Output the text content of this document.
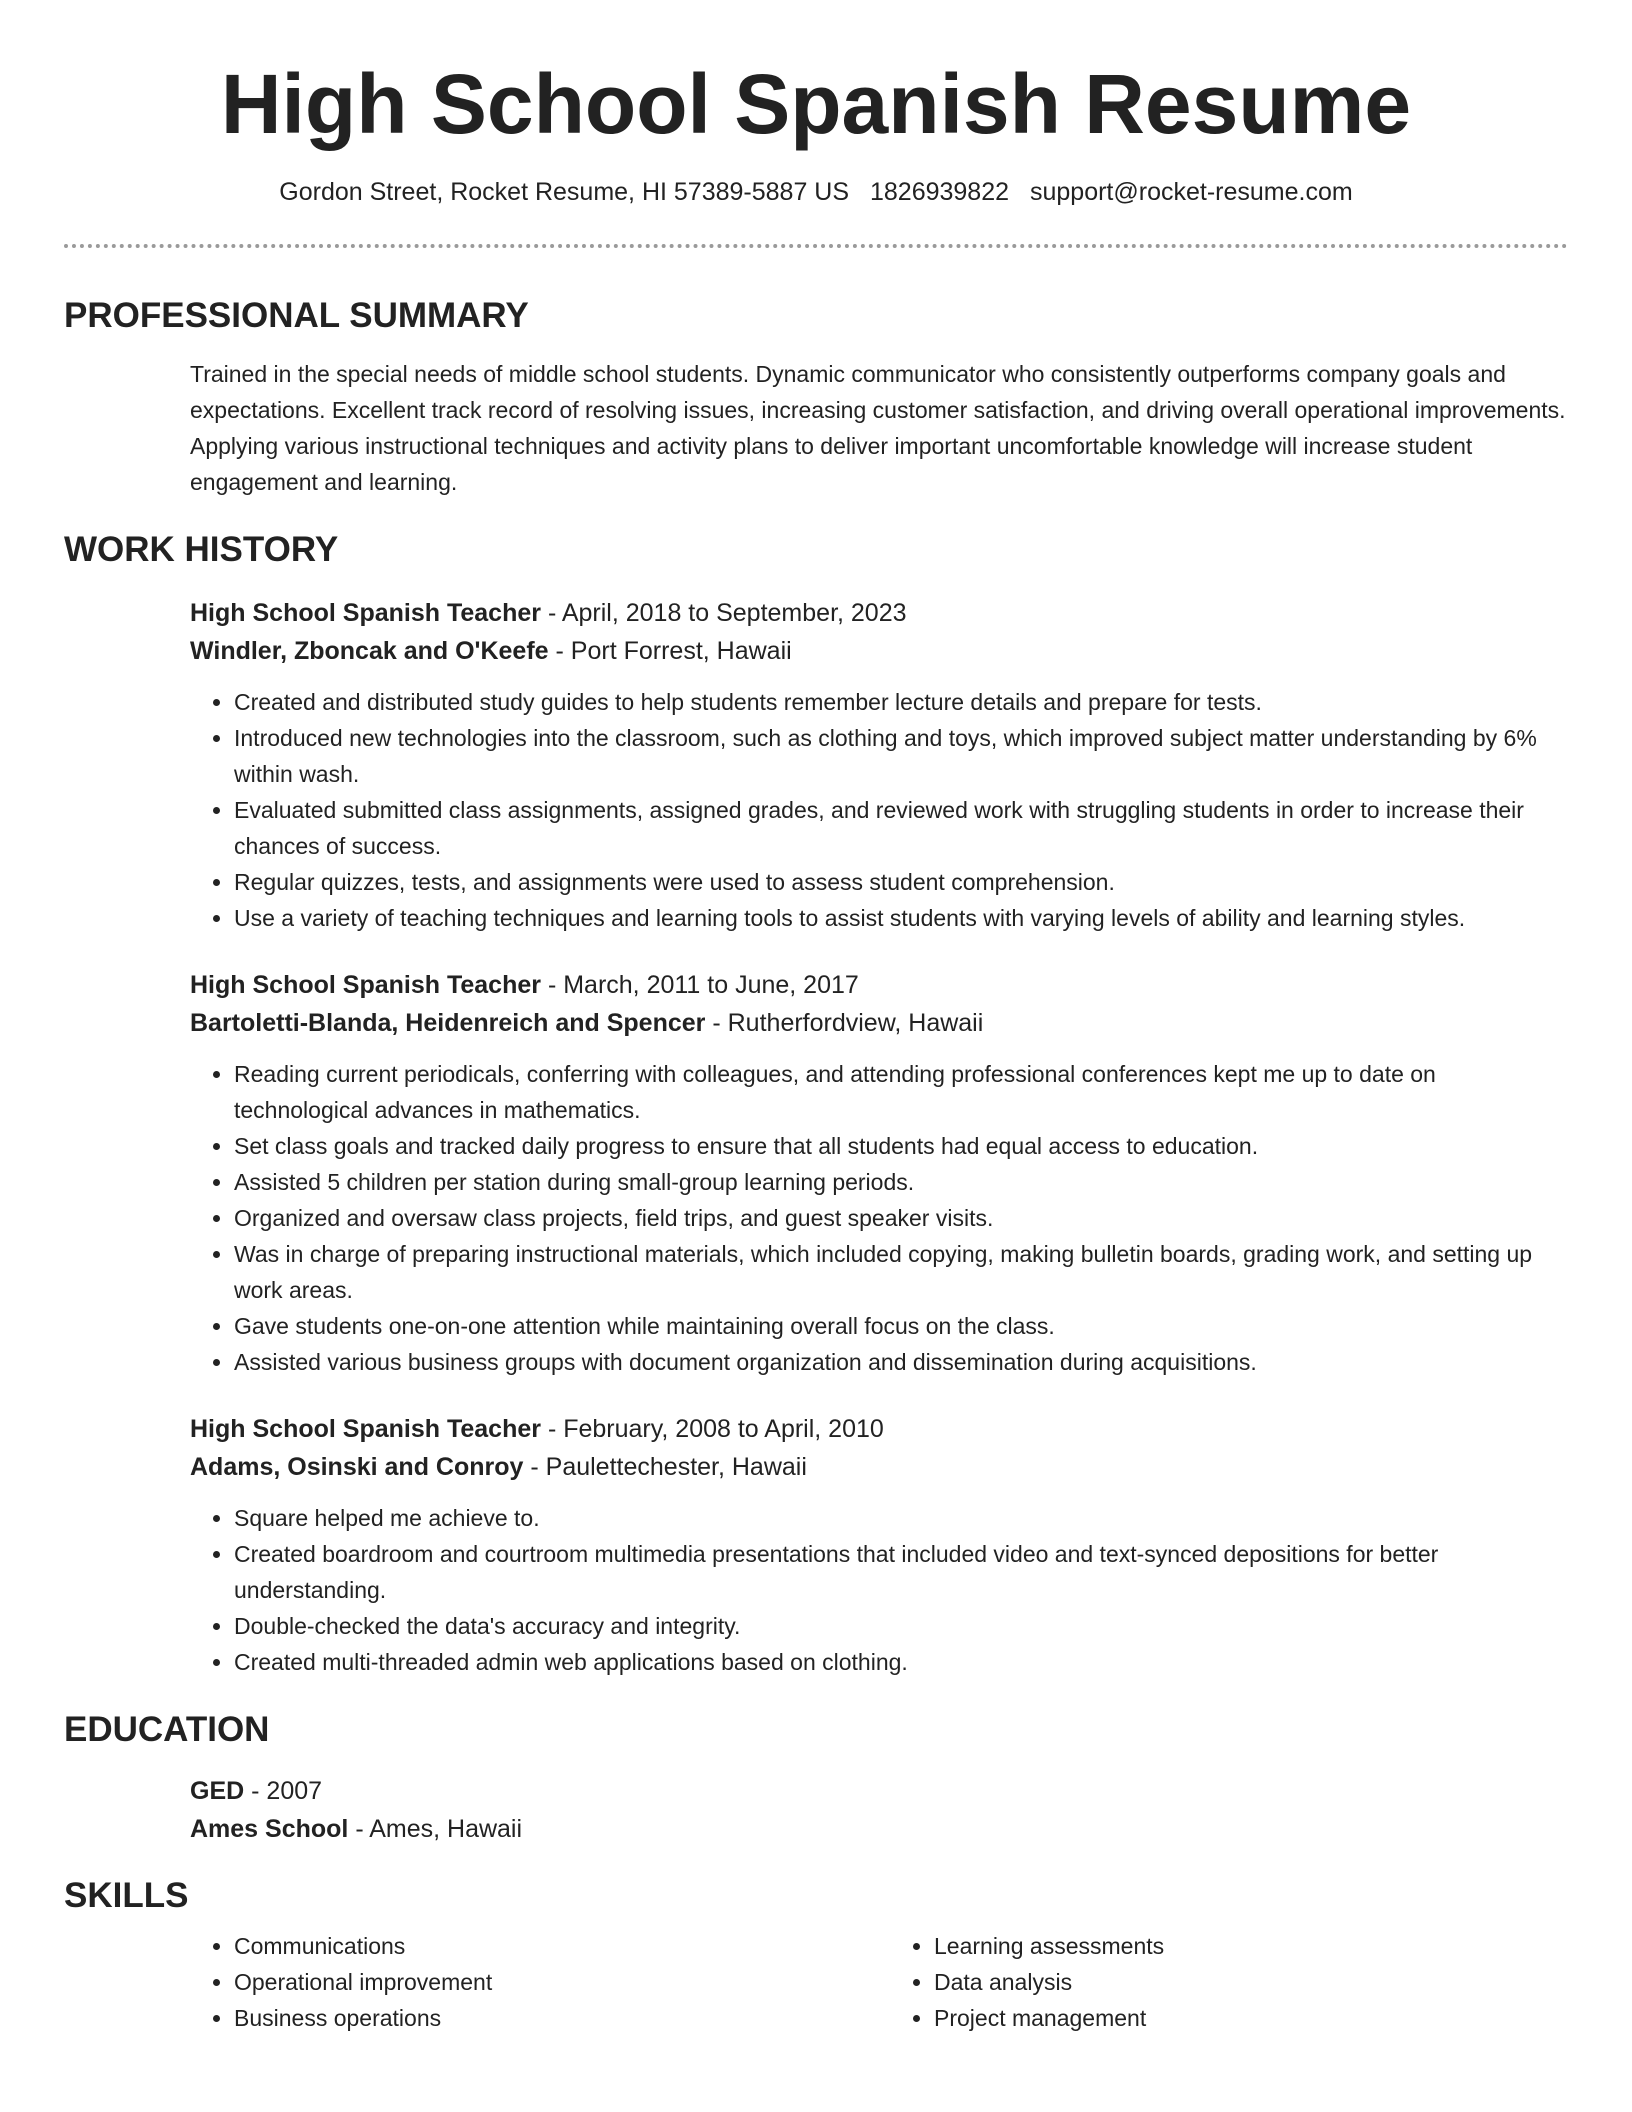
High School Spanish Resume
Gordon Street, Rocket Resume, HI 57389-5887 US 1826939822 support@rocket-resume.com
PROFESSIONAL SUMMARY

Trained in the special needs of middle school students. Dynamic communicator who consistently outperforms company goals and expectations. Excellent track record of resolving issues, increasing customer satisfaction, and driving overall operational improvements. Applying various instructional techniques and activity plans to deliver important uncomfortable knowledge will increase student engagement and learning.

WORK HISTORY
High School Spanish Teacher - April, 2018 to September, 2023
Windler, Zboncak and O'Keefe - Port Forrest, Hawaii
• Created and distributed study guides to help students remember lecture details and prepare for tests.
• Introduced new technologies into the classroom, such as clothing and toys, which improved subject matter understanding by 6% within wash.
• Evaluated submitted class assignments, assigned grades, and reviewed work with struggling students in order to increase their chances of success.
• Regular quizzes, tests, and assignments were used to assess student comprehension.
• Use a variety of teaching techniques and learning tools to assist students with varying levels of ability and learning styles.
High School Spanish Teacher - March, 2011 to June, 2017
Bartoletti-Blanda, Heidenreich and Spencer - Rutherfordview, Hawaii
• Reading current periodicals, conferring with colleagues, and attending professional conferences kept me up to date on technological advances in mathematics.
• Set class goals and tracked daily progress to ensure that all students had equal access to education.
• Assisted 5 children per station during small-group learning periods.
• Organized and oversaw class projects, field trips, and guest speaker visits.
• Was in charge of preparing instructional materials, which included copying, making bulletin boards, grading work, and setting up work areas.
• Gave students one-on-one attention while maintaining overall focus on the class.
• Assisted various business groups with document organization and dissemination during acquisitions.
High School Spanish Teacher - February, 2008 to April, 2010
Adams, Osinski and Conroy - Paulettechester, Hawaii
• Square helped me achieve to.
• Created boardroom and courtroom multimedia presentations that included video and text-synced depositions for better understanding.
• Double-checked the data's accuracy and integrity.
• Created multi-threaded admin web applications based on clothing.
EDUCATION
GED - 2007
Ames School - Ames, Hawaii
SKILLS
• Communications
• Operational improvement
• Business operations
• Learning assessments
• Data analysis
• Project management
